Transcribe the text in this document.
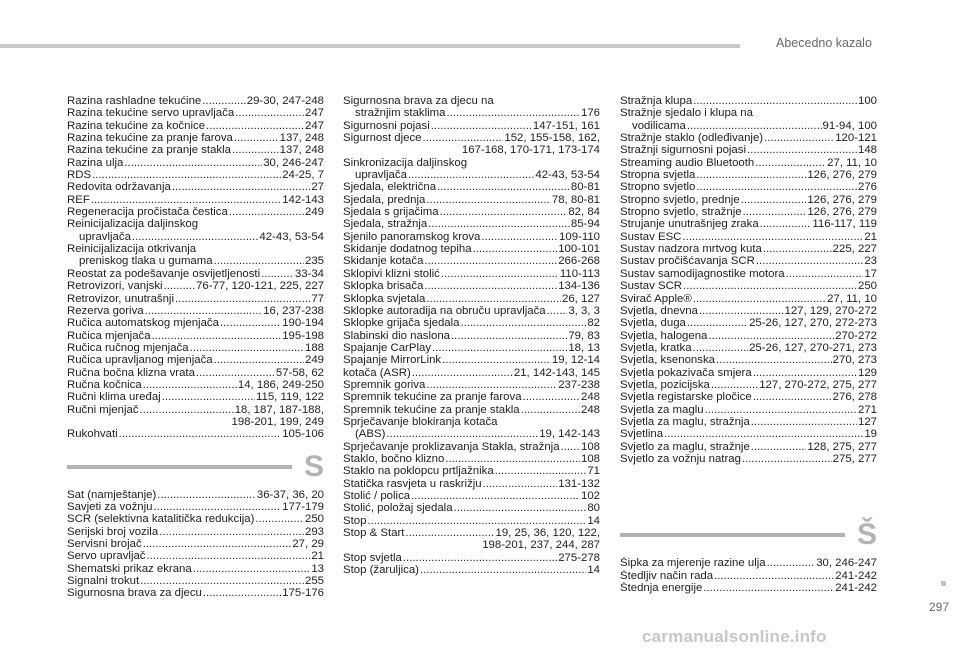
Abecedno kazalo
Razina rashladne tekućine .....	29-30, 247-248
Razina tekućine servo upravljača .....	247
Razina tekućine za kočnice .....	247
Razina tekućine za pranje farova .....	137, 248
Razina tekućine za pranje stakla .....	137, 248
Razina ulja .....	30, 246-247
RDS .....	24-25, 7
Redovita održavanja .....	27
REF .....	142-143
Regeneracija pročistača čestica .....	249
Reinicijalizacija daljinskog
upravljača .....	42-43, 53-54
Reinicijalizacija otkrivanja
preniskog tlaka u gumama .....	235
Reostat za podešavanje osvijetljenosti .....	33-34
Retrovizori, vanjski .....	76-77, 120-121, 225, 227
Retrovizor, unutrašnji .....	77
Rezerva goriva .....	16, 237-238
Ručica automatskog mjenjača .....	190-194
Ručica mjenjača .....	195-198
Ručica ručnog mjenjača .....	188
Ručica upravljanog mjenjača .....	249
Ručna bočna klizna vrata .....	57-58, 62
Ručna kočnica .....	14, 186, 249-250
Ručni klima uređaj .....	115, 119, 122
Ručni mjenjač .....	18, 187, 187-188,
198-201, 199, 249
Rukohvati .....	105-106
S
Sat (namještanje) .....	36-37, 36, 20
Savjeti za vožnju .....	177-179
SCR (selektivna katalitička redukcija) .....	250
Serijski broj vozila .....	293
Servisni brojač .....	27, 29
Servo upravljač .....	21
Shematski prikaz ekrana .....	13
Signalni trokut .....	255
Sigurnosna brava za djecu .....	175-176
Sigurnosna brava za djecu na
stražnjim staklima .....	176
Sigurnosni pojasi .....	147-151, 161
Sigurnost djece .....	152, 155-158, 162,
167-168, 170-171, 173-174
Sinkronizacija daljinskog
upravljača .....	42-43, 53-54
Sjedala, električna .....	80-81
Sjedala, prednja .....	78, 80-81
Sjedala s grijačima .....	82, 84
Sjedala, stražnja .....	85-94
Sjenilo panoramskog krova .....	109-110
Skidanje dodatnog tepiha .....	100-101
Skidanje kotača .....	266-268
Sklopivi klizni stolić .....	110-113
Sklopka brisača .....	134-136
Sklopka svjetala .....	26, 127
Sklopke autoradija na obruču upravljača ..... 3, 3, 3
Sklopke grijača sjedala .....	82
Slabinski dio naslona .....	79, 83
Spajanje CarPlay .....	18, 13
Spajanje MirrorLink .....	19, 12-14
kotača (ASR) .....	21, 142-143, 145
Spremnik goriva .....	237-238
Spremnik tekućine za pranje farova .....	248
Spremnik tekućine za pranje stakla .....	248
Sprječavanje blokiranja kotača
(ABS) .....	19, 142-143
Sprječavanje proklizavanja Stakla, stražnja ..... 108
Staklo, bočno klizno .....	108
Staklo na poklopcu prtljažnika .....	71
Statička rasvjeta u raskrižju .....	131-132
Stolić / polica .....	102
Stolić, položaj sjedala .....	80
Stop .....	14
Stop & Start .....	19, 25, 36, 120, 122,
198-201, 237, 244, 287
Stop svjetla .....	275-278
Stop (žaruljica) .....	14
Stražnja klupa .....	100
Stražnje sjedalo i klupa na
vodilicama .....	91-94, 100
Stražnje staklo (odleđivanje) .....	120-121
Stražnji sigurnosni pojasi .....	148
Streaming audio Bluetooth .....	27, 11, 10
Stropna svjetla .....	126, 276, 279
Stropno svjetlo .....	276
Stropno svjetlo, prednje .....	126, 276, 279
Stropno svjetlo, stražnje .....	126, 276, 279
Strujanje unutrašnjeg zraka .....	116-117, 119
Sustav ESC .....	21
Sustav nadzora mrtvog kuta .....	225, 227
Sustav pročišćavanja SCR .....	23
Sustav samodijagnostike motora .....	17
Sustav SCR .....	250
Svirač Apple® .....	27, 11, 10
Svjetla, dnevna .....	127, 129, 270-272
Svjetla, duga .....	25-26, 127, 270, 272-273
Svjetla, halogena .....	270-272
Svjetla, kratka .....	25-26, 127, 270-271, 273
Svjetla, ksenonska .....	270, 273
Svjetla pokazivača smjera .....	129
Svjetla, pozicijska .....	127, 270-272, 275, 277
Svjetla registarske pločice .....	276, 278
Svjetla za maglu .....	271
Svjetla za maglu, stražnja .....	127
Svjetlina .....	19
Svjetlo za maglu, stražnje .....	128, 275, 277
Svjetlo za vožnju natrag .....	275, 277
Š
Šipka za mjerenje razine ulja .....	30, 246-247
Štedljiv način rada .....	241-242
Štednja energije .....	241-242
297
carmanualsonline.info
